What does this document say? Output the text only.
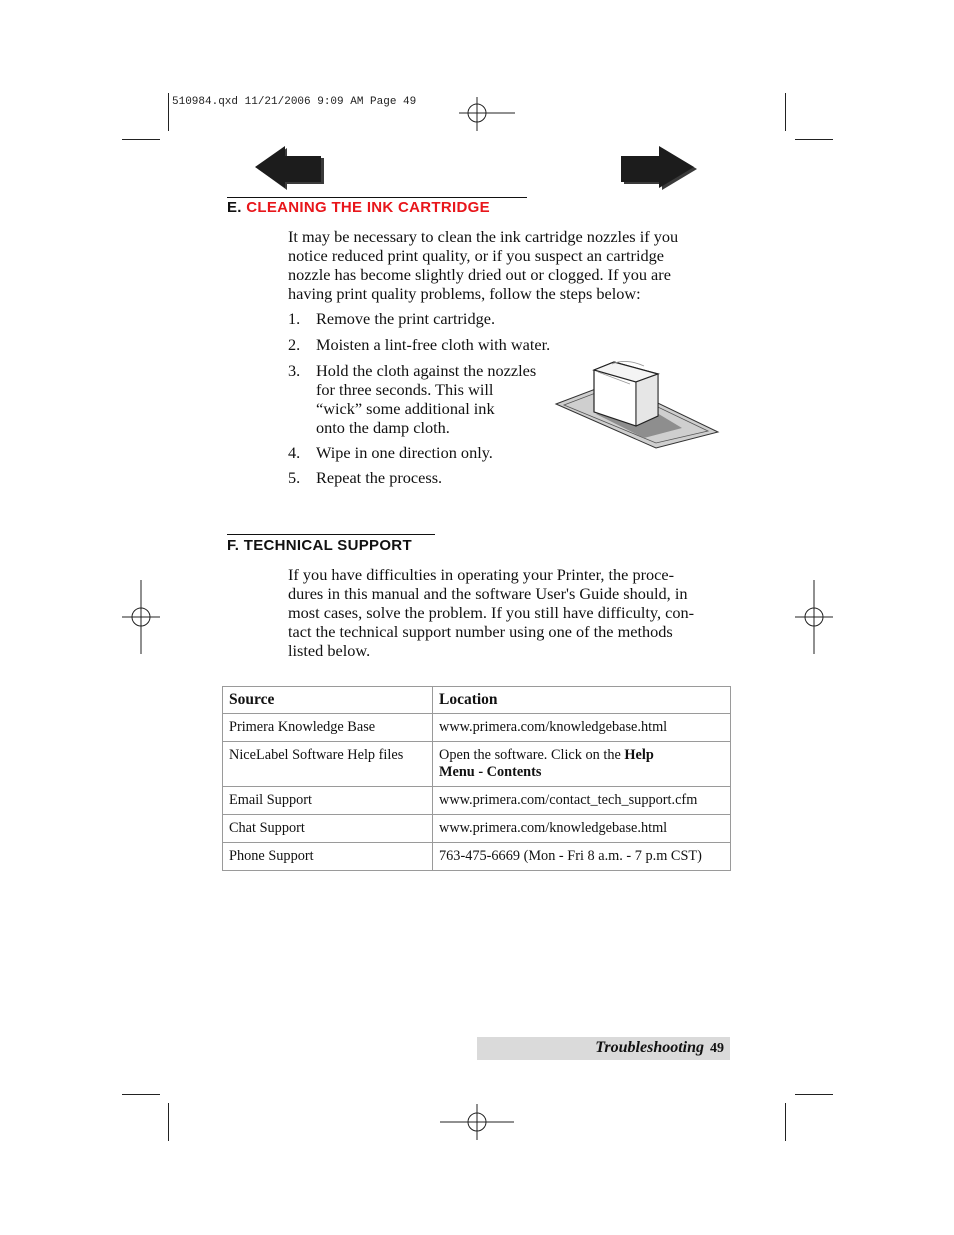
510984.qxd 11/21/2006 9:09 AM Page 49
E. CLEANING THE INK CARTRIDGE
It may be necessary to clean the ink cartridge nozzles if you
notice reduced print quality, or if you suspect an cartridge
nozzle has become slightly dried out or clogged. If you are
having print quality problems, follow the steps below:
1. Remove the print cartridge.
2. Moisten a lint-free cloth with water.
3. Hold the cloth against the nozzles
for three seconds. This will
“wick” some additional ink
onto the damp cloth.
4. Wipe in one direction only.
5. Repeat the process.
F. TECHNICAL SUPPORT
If you have difficulties in operating your Printer, the proce-
dures in this manual and the software User's Guide should, in
most cases, solve the problem. If you still have difficulty, con-
tact the technical support number using one of the methods
listed below.
Source	Location
Primera Knowledge Base	www.primera.com/knowledgebase.html
NiceLabel Software Help files	Open the software. Click on the Help
Menu - Contents
Email Support	www.primera.com/contact_tech_support.cfm
Chat Support	www.primera.com/knowledgebase.html
Phone Support	763-475-6669 (Mon - Fri 8 a.m. - 7 p.m CST)
Troubleshooting 49
